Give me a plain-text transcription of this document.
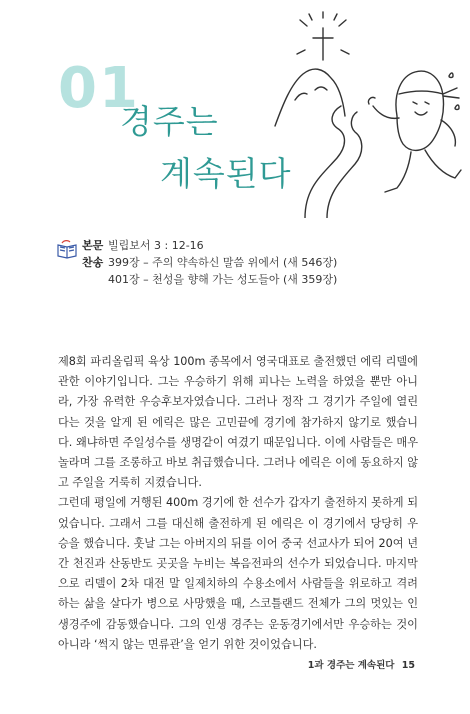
01
경주는
계속된다
본문 빌립보서 3 : 12-16
찬송 399장 – 주의 약속하신 말씀 위에서 (새 546장)
401장 – 천성을 향해 가는 성도들아 (새 359장)

제8회 파리올림픽 육상 100m 종목에서 영국대표로 출전했던 에릭 리델에 관한 이야기입니다. 그는 우승하기 위해 피나는 노력을 하였을 뿐만 아니라, 가장 유력한 우승후보자였습니다. 그러나 정작 그 경기가 주일에 열린다는 것을 알게 된 에릭은 많은 고민끝에 경기에 참가하지 않기로 했습니다. 왜냐하면 주일성수를 생명같이 여겼기 때문입니다. 이에 사람들은 매우 놀라며 그를 조롱하고 바보 취급했습니다. 그러나 에릭은 이에 동요하지 않고 주일을 거룩히 지켰습니다.

그런데 평일에 거행된 400m 경기에 한 선수가 갑자기 출전하지 못하게 되었습니다. 그래서 그를 대신해 출전하게 된 에릭은 이 경기에서 당당히 우승을 했습니다. 훗날 그는 아버지의 뒤를 이어 중국 선교사가 되어 20여 년간 천진과 산동반도 곳곳을 누비는 복음전파의 선수가 되었습니다. 마지막으로 리델이 2차 대전 말 일제치하의 수용소에서 사람들을 위로하고 격려하는 삶을 살다가 병으로 사망했을 때, 스코틀랜드 전체가 그의 멋있는 인생경주에 감동했습니다. 그의 인생 경주는 운동경기에서만 우승하는 것이 아니라 ‘썩지 않는 면류관’을 얻기 위한 것이었습니다.

1과 경주는 계속된다 15
